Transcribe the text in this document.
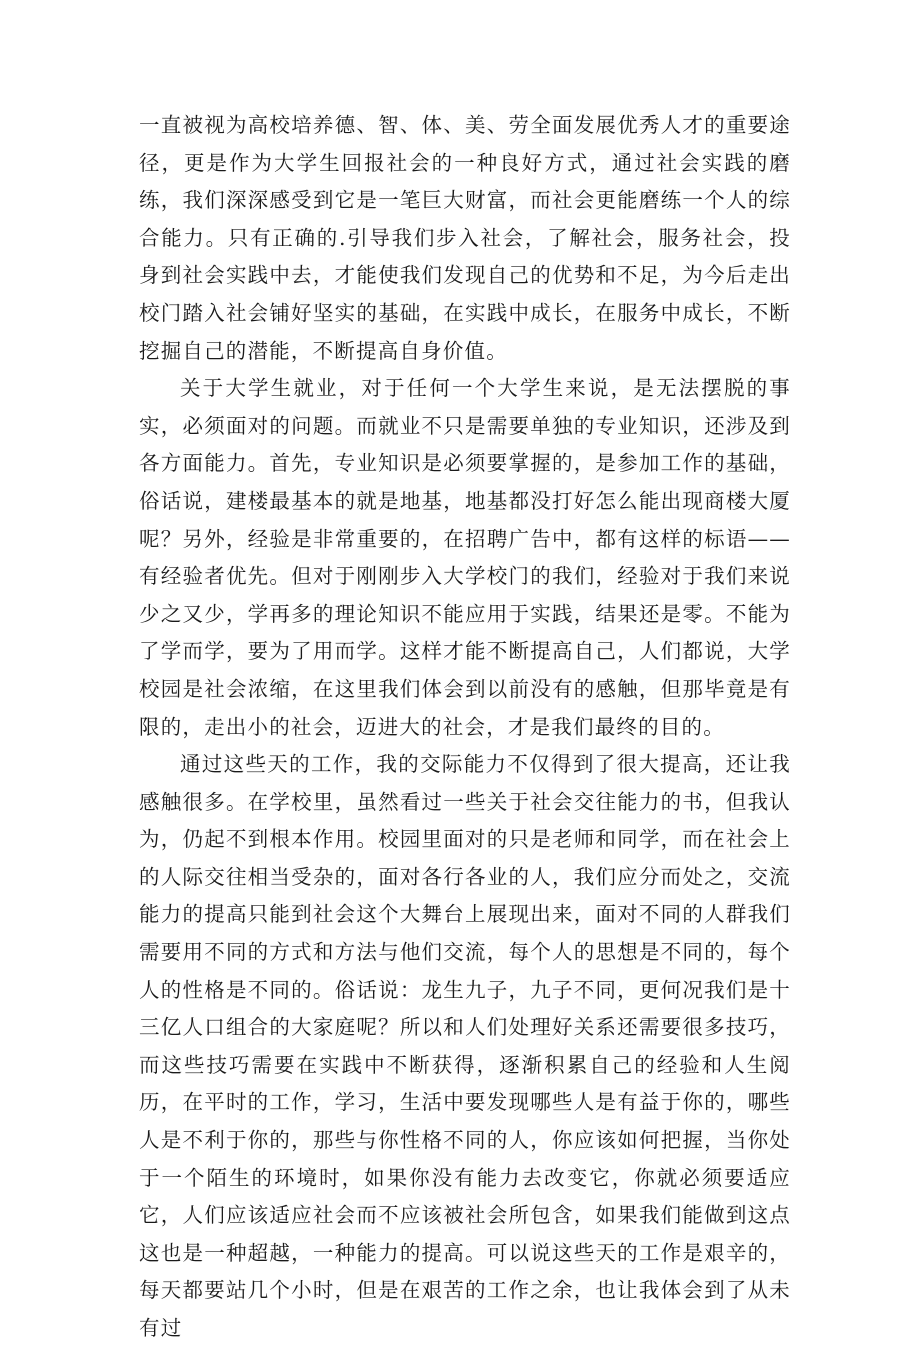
一直被视为高校培养德、智、体、美、劳全面发展优秀人才的重要途径，更是作为大学生回报社会的一种良好方式，通过社会实践的磨练，我们深深感受到它是一笔巨大财富，而社会更能磨练一个人的综合能力。只有正确的.引导我们步入社会，了解社会，服务社会，投身到社会实践中去，才能使我们发现自己的优势和不足，为今后走出校门踏入社会铺好坚实的基础，在实践中成长，在服务中成长，不断挖掘自己的潜能，不断提高自身价值。

关于大学生就业，对于任何一个大学生来说，是无法摆脱的事实，必须面对的问题。而就业不只是需要单独的专业知识，还涉及到各方面能力。首先，专业知识是必须要掌握的，是参加工作的基础，俗话说，建楼最基本的就是地基，地基都没打好怎么能出现商楼大厦呢？另外，经验是非常重要的，在招聘广告中，都有这样的标语——有经验者优先。但对于刚刚步入大学校门的我们，经验对于我们来说少之又少，学再多的理论知识不能应用于实践，结果还是零。不能为了学而学，要为了用而学。这样才能不断提高自己，人们都说，大学校园是社会浓缩，在这里我们体会到以前没有的感触，但那毕竟是有限的，走出小的社会，迈进大的社会，才是我们最终的目的。

通过这些天的工作，我的交际能力不仅得到了很大提高，还让我感触很多。在学校里，虽然看过一些关于社会交往能力的书，但我认为，仍起不到根本作用。校园里面对的只是老师和同学，而在社会上的人际交往相当受杂的，面对各行各业的人，我们应分而处之，交流能力的提高只能到社会这个大舞台上展现出来，面对不同的人群我们需要用不同的方式和方法与他们交流，每个人的思想是不同的，每个人的性格是不同的。俗话说：龙生九子，九子不同，更何况我们是十三亿人口组合的大家庭呢？所以和人们处理好关系还需要很多技巧，而这些技巧需要在实践中不断获得，逐渐积累自己的经验和人生阅历，在平时的工作，学习，生活中要发现哪些人是有益于你的，哪些人是不利于你的，那些与你性格不同的人，你应该如何把握，当你处于一个陌生的环境时，如果你没有能力去改变它，你就必须要适应它，人们应该适应社会而不应该被社会所包含，如果我们能做到这点这也是一种超越，一种能力的提高。可以说这些天的工作是艰辛的，每天都要站几个小时，但是在艰苦的工作之余，也让我体会到了从未有过
